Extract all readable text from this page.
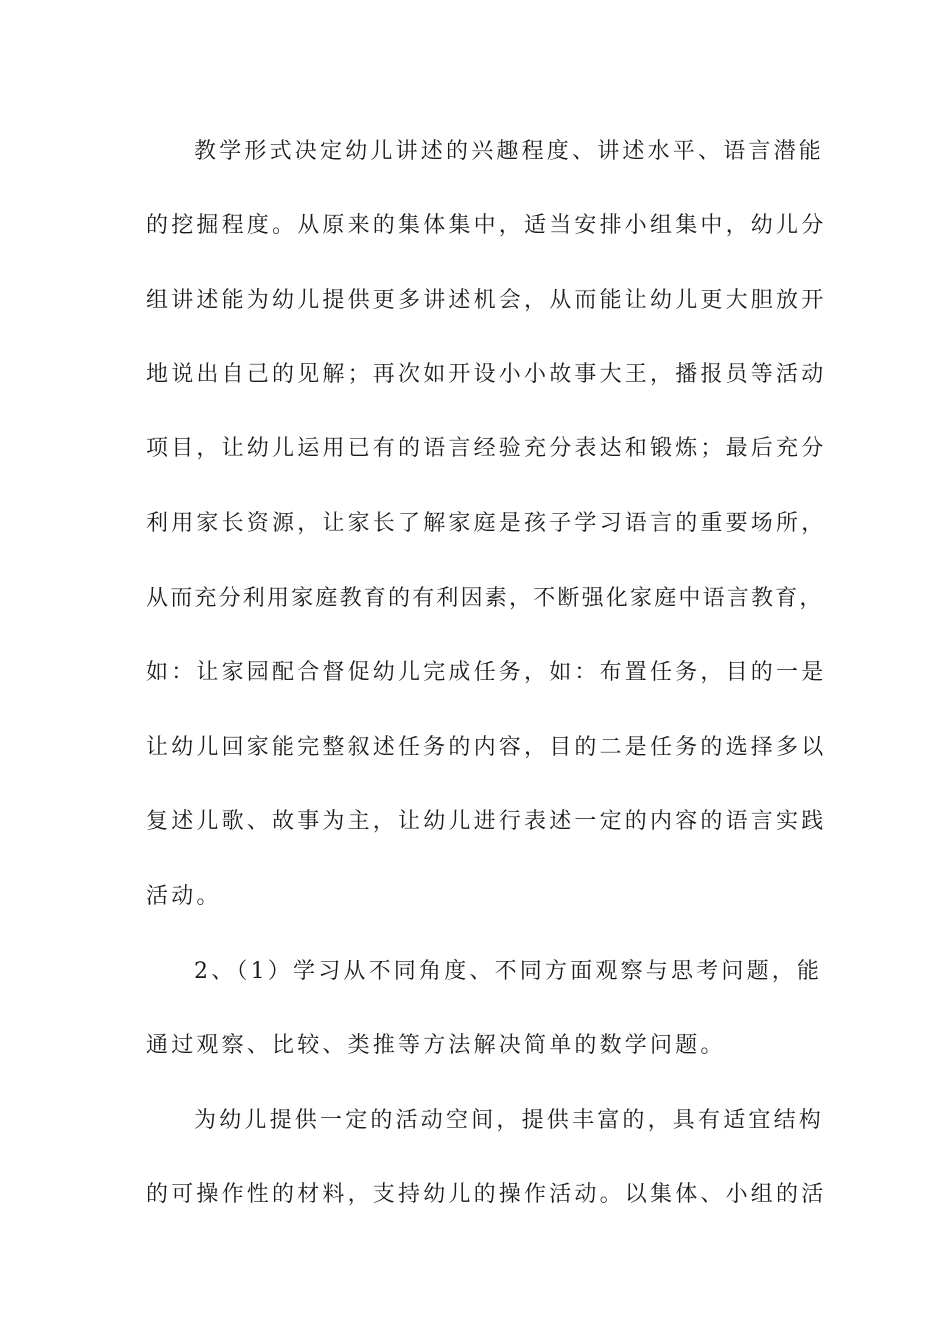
教学形式决定幼儿讲述的兴趣程度、讲述水平、语言潜能
的挖掘程度。从原来的集体集中，适当安排小组集中，幼儿分
组讲述能为幼儿提供更多讲述机会，从而能让幼儿更大胆放开
地说出自己的见解；再次如开设小小故事大王，播报员等活动
项目，让幼儿运用已有的语言经验充分表达和锻炼；最后充分
利用家长资源，让家长了解家庭是孩子学习语言的重要场所，
从而充分利用家庭教育的有利因素，不断强化家庭中语言教育，
如：让家园配合督促幼儿完成任务，如：布置任务，目的一是
让幼儿回家能完整叙述任务的内容，目的二是任务的选择多以
复述儿歌、故事为主，让幼儿进行表述一定的内容的语言实践
活动。
2、（1）学习从不同角度、不同方面观察与思考问题，能
通过观察、比较、类推等方法解决简单的数学问题。
为幼儿提供一定的活动空间，提供丰富的，具有适宜结构
的可操作性的材料，支持幼儿的操作活动。以集体、小组的活
